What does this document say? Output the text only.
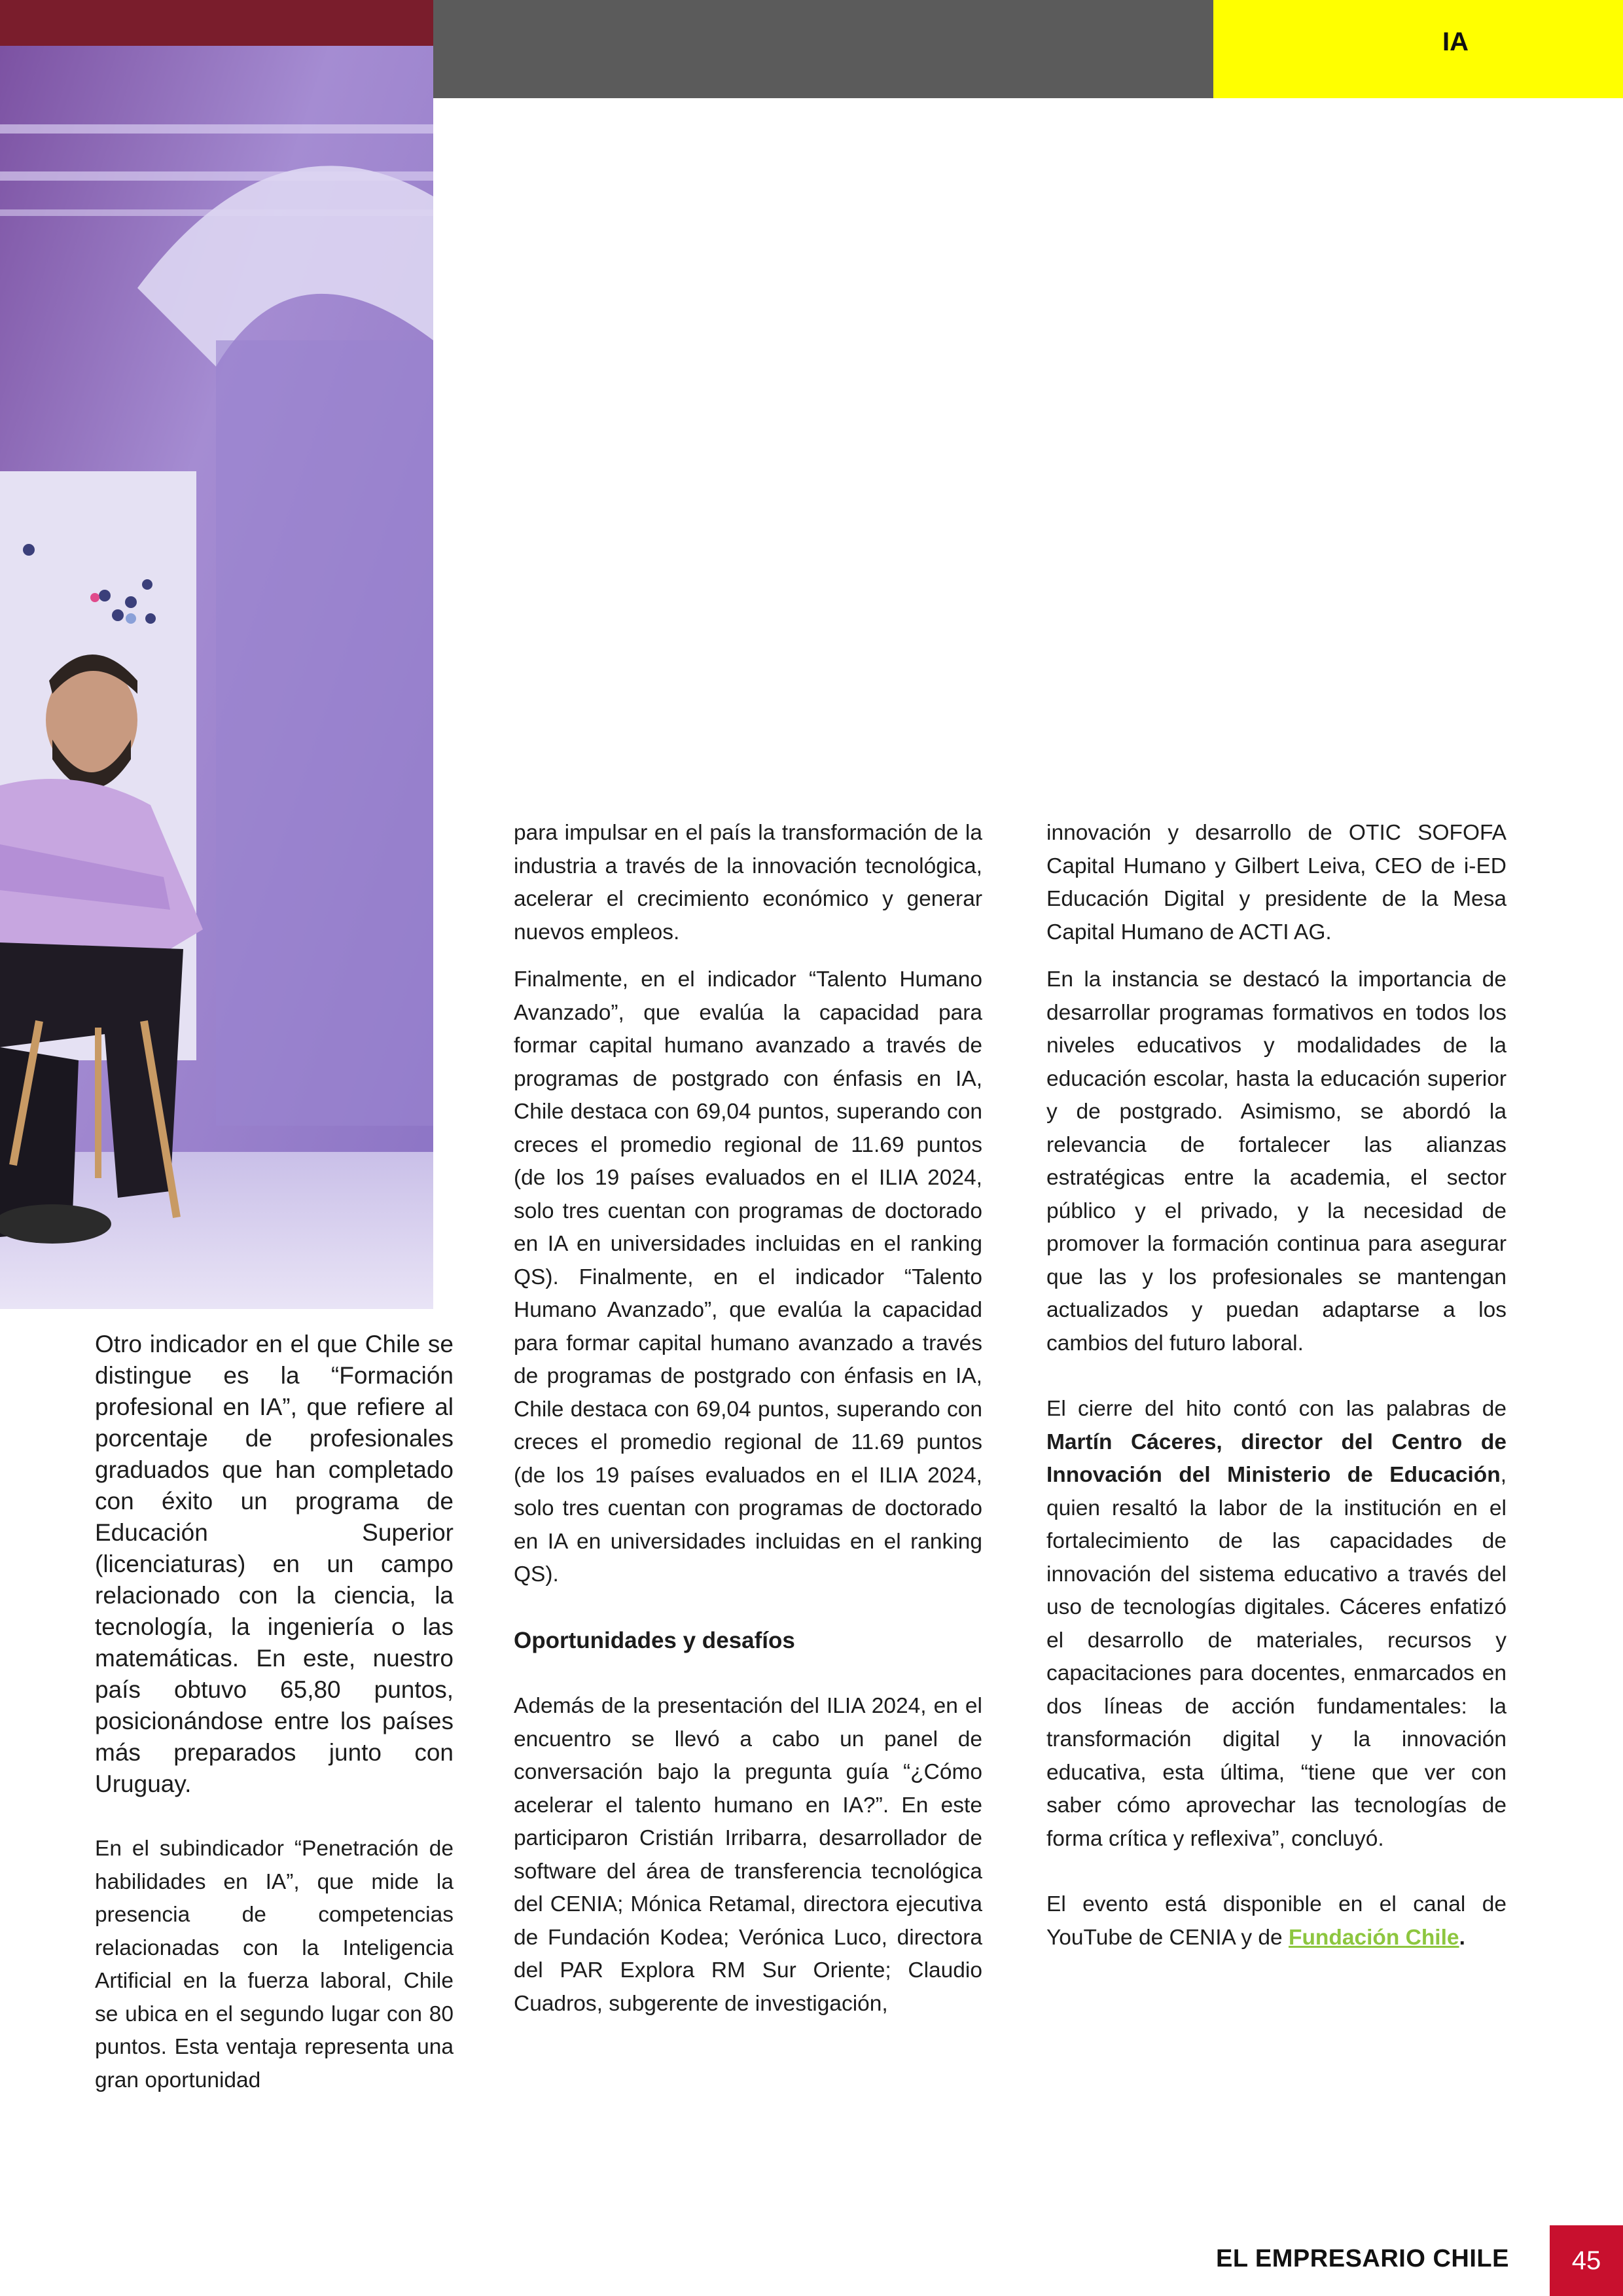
IA

Otro indicador en el que Chile se distingue es la “Formación profesional en IA”, que refiere al porcentaje de profesionales graduados que han completado con éxito un programa de Educación Superior (licenciaturas) en un campo relacionado con la ciencia, la tecnología, la ingeniería o las matemáticas. En este, nuestro país obtuvo 65,80 puntos, posicionándose entre los países más preparados junto con Uruguay.

En el subindicador “Penetración de habilidades en IA”, que mide la presencia de competencias relacionadas con la Inteligencia Artificial en la fuerza laboral, Chile se ubica en el segundo lugar con 80 puntos. Esta ventaja representa una gran oportunidad

para impulsar en el país la transformación de la industria a través de la innovación tecnológica, acelerar el crecimiento económico y generar nuevos empleos.

Finalmente, en el indicador “Talento Humano Avanzado”, que evalúa la capacidad para formar capital humano avanzado a través de programas de postgrado con énfasis en IA, Chile destaca con 69,04 puntos, superando con creces el promedio regional de 11.69 puntos (de los 19 países evaluados en el ILIA 2024, solo tres cuentan con programas de doctorado en IA en universidades incluidas en el ranking QS). Finalmente, en el indicador “Talento Humano Avanzado”, que evalúa la capacidad para formar capital humano avanzado a través de programas de postgrado con énfasis en IA, Chile destaca con 69,04 puntos, superando con creces el promedio regional de 11.69 puntos (de los 19 países evaluados en el ILIA 2024, solo tres cuentan con programas de doctorado en IA en universidades incluidas en el ranking QS).

Oportunidades y desafíos

Además de la presentación del ILIA 2024, en el encuentro se llevó a cabo un panel de conversación bajo la pregunta guía “¿Cómo acelerar el talento humano en IA?”. En este participaron Cristián Irribarra, desarrollador de software del área de transferencia tecnológica del CENIA; Mónica Retamal, directora ejecutiva de Fundación Kodea; Verónica Luco, directora del PAR Explora RM Sur Oriente; Claudio Cuadros, subgerente de investigación,

innovación y desarrollo de OTIC SOFOFA Capital Humano y Gilbert Leiva, CEO de i-ED Educación Digital y presidente de la Mesa Capital Humano de ACTI AG.

En la instancia se destacó la importancia de desarrollar programas formativos en todos los niveles educativos y modalidades de la educación escolar, hasta la educación superior y de postgrado. Asimismo, se abordó la relevancia de fortalecer las alianzas estratégicas entre la academia, el sector público y el privado, y la necesidad de promover la formación continua para asegurar que las y los profesionales se mantengan actualizados y puedan adaptarse a los cambios del futuro laboral.

El cierre del hito contó con las palabras de Martín Cáceres, director del Centro de Innovación del Ministerio de Educación, quien resaltó la labor de la institución en el fortalecimiento de las capacidades de innovación del sistema educativo a través del uso de tecnologías digitales. Cáceres enfatizó el desarrollo de materiales, recursos y capacitaciones para docentes, enmarcados en dos líneas de acción fundamentales: la transformación digital y la innovación educativa, esta última, “tiene que ver con saber cómo aprovechar las tecnologías de forma crítica y reflexiva”, concluyó.

El evento está disponible en el canal de YouTube de CENIA y de Fundación Chile.

EL EMPRESARIO CHILE	45
